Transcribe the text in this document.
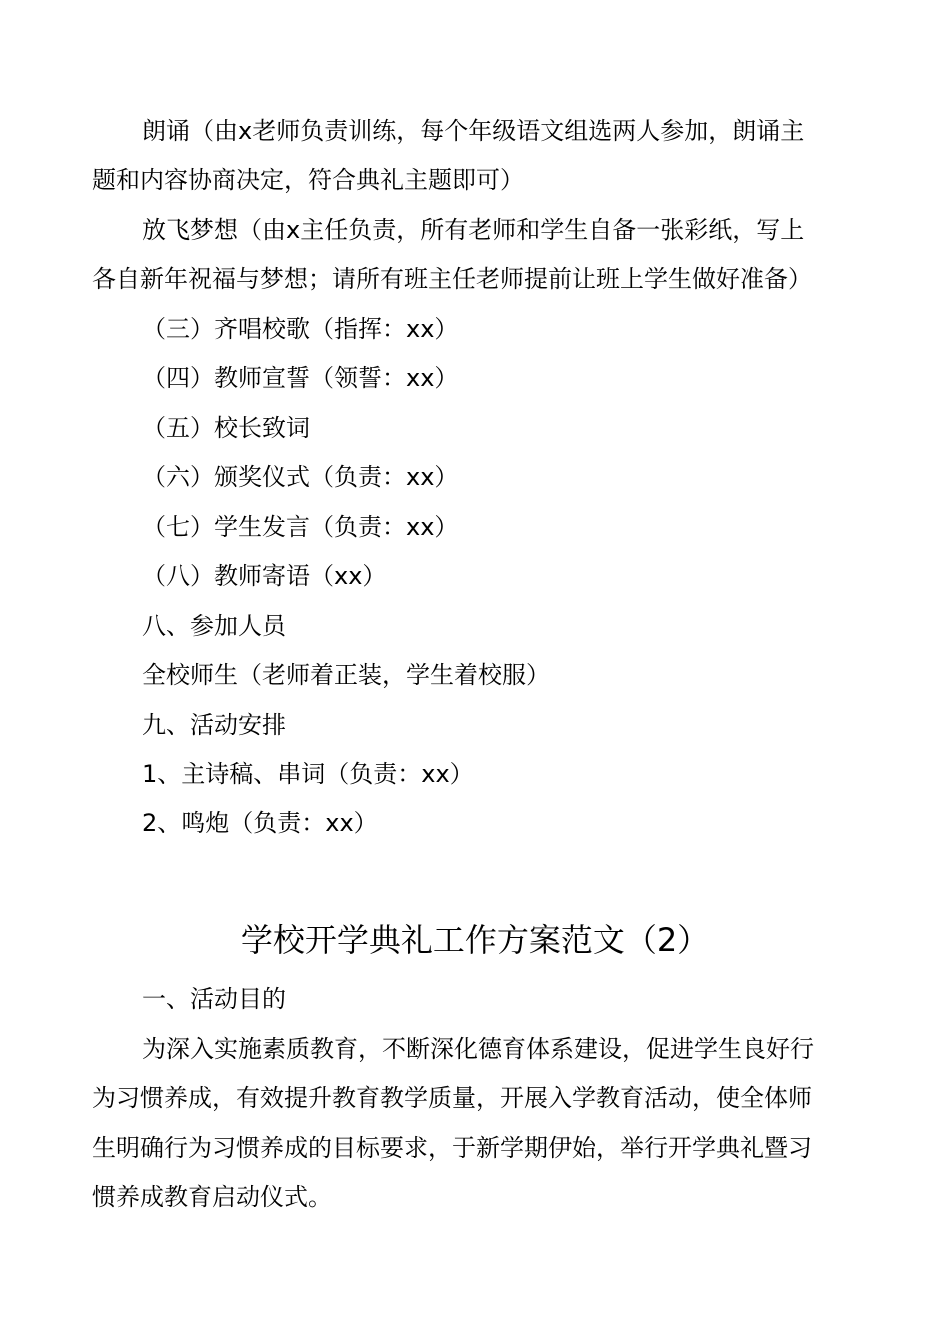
朗诵（由x老师负责训练，每个年级语文组选两人参加，朗诵主
题和内容协商决定，符合典礼主题即可）
放飞梦想（由x主任负责，所有老师和学生自备一张彩纸，写上
各自新年祝福与梦想；请所有班主任老师提前让班上学生做好准备）
（三）齐唱校歌（指挥：xx）
（四）教师宣誓（领誓：xx）
（五）校长致词
（六）颁奖仪式（负责：xx）
（七）学生发言（负责：xx）
（八）教师寄语（xx）
八、参加人员
全校师生（老师着正装，学生着校服）
九、活动安排
1、主诗稿、串词（负责：xx）
2、鸣炮（负责：xx）
学校开学典礼工作方案范文（2）
一、活动目的
为深入实施素质教育，不断深化德育体系建设，促进学生良好行
为习惯养成，有效提升教育教学质量，开展入学教育活动，使全体师
生明确行为习惯养成的目标要求，于新学期伊始，举行开学典礼暨习
惯养成教育启动仪式。
